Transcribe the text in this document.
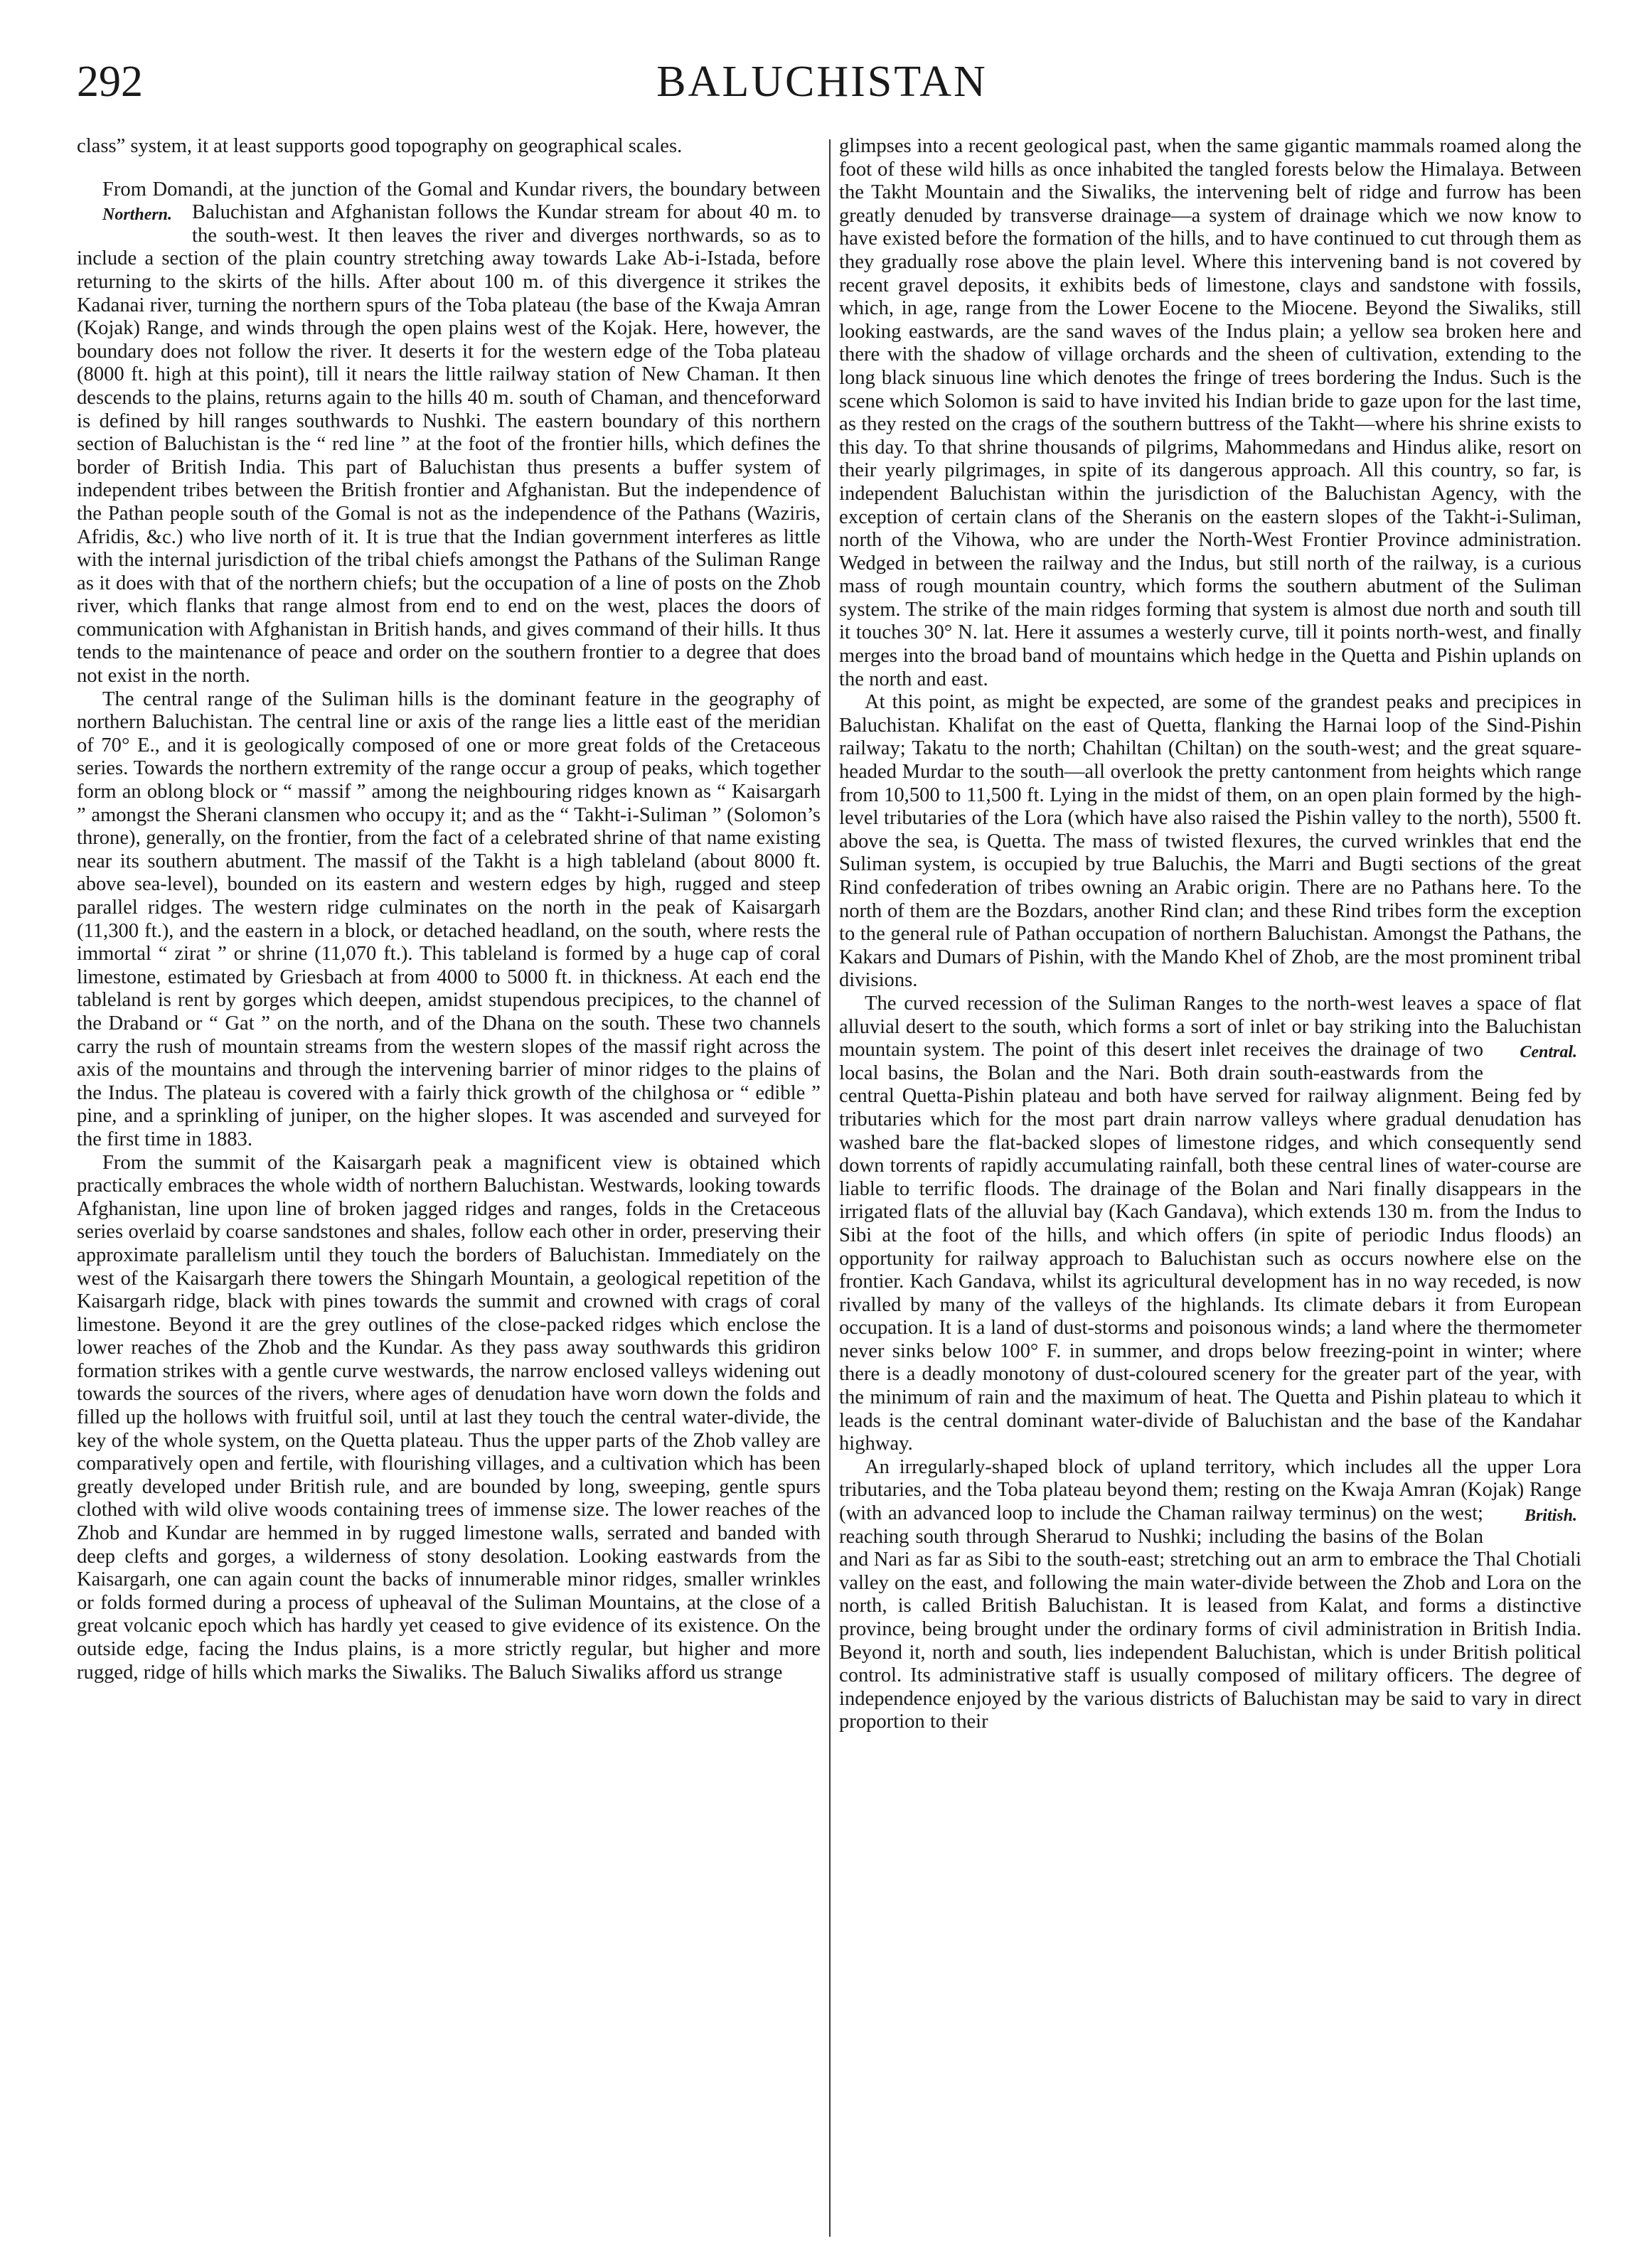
292	BALUCHISTAN

class” system, it at least supports good topography on geographical scales.

From Domandi, at the junction of the Gomal and Kundar rivers, the boundary between Baluchistan and Afghanistan follows the
Northern.	Kundar stream for about 40 m. to the south-west. It then leaves the river and diverges northwards, so as to include a section of the plain country stretching away towards Lake Ab-i-Istada, before returning to the skirts of the hills. After about 100 m. of this divergence it strikes the Kadanai river, turning the northern spurs of the Toba plateau (the base of the Kwaja Amran (Kojak) Range, and winds through the open plains west of the Kojak. Here, however, the boundary does not follow the river. It deserts it for the western edge of the Toba plateau (8000 ft. high at this point), till it nears the little railway station of New Chaman. It then descends to the plains, returns again to the hills 40 m. south of Chaman, and thenceforward is defined by hill ranges southwards to Nushki. The eastern boundary of this northern section of Baluchistan is the “ red line ” at the foot of the frontier hills, which defines the border of British India. This part of Baluchistan thus presents a buffer system of independent tribes between the British frontier and Afghanistan. But the independence of the Pathan people south of the Gomal is not as the independence of the Pathans (Waziris, Afridis, &c.) who live north of it. It is true that the Indian government interferes as little with the internal jurisdiction of the tribal chiefs amongst the Pathans of the Suliman Range as it does with that of the northern chiefs; but the occupation of a line of posts on the Zhob river, which flanks that range almost from end to end on the west, places the doors of communication with Afghanistan in British hands, and gives command of their hills. It thus tends to the maintenance of peace and order on the southern frontier to a degree that does not exist in the north.

The central range of the Suliman hills is the dominant feature in the geography of northern Baluchistan. The central line or axis of the range lies a little east of the meridian of 70° E., and it is geologically composed of one or more great folds of the Cretaceous series. Towards the northern extremity of the range occur a group of peaks, which together form an oblong block or “ massif ” among the neighbouring ridges known as “ Kaisargarh ” amongst the Sherani clansmen who occupy it; and as the “ Takht-i-Suliman ” (Solomon’s throne), generally, on the frontier, from the fact of a celebrated shrine of that name existing near its southern abutment. The massif of the Takht is a high tableland (about 8000 ft. above sea-level), bounded on its eastern and western edges by high, rugged and steep parallel ridges. The western ridge culminates on the north in the peak of Kaisargarh (11,300 ft.), and the eastern in a block, or detached headland, on the south, where rests the immortal “ zirat ” or shrine (11,070 ft.). This tableland is formed by a huge cap of coral limestone, estimated by Griesbach at from 4000 to 5000 ft. in thickness. At each end the tableland is rent by gorges which deepen, amidst stupendous precipices, to the channel of the Draband or “ Gat ” on the north, and of the Dhana on the south. These two channels carry the rush of mountain streams from the western slopes of the massif right across the axis of the mountains and through the intervening barrier of minor ridges to the plains of the Indus. The plateau is covered with a fairly thick growth of the chilghosa or “ edible ” pine, and a sprinkling of juniper, on the higher slopes. It was ascended and surveyed for the first time in 1883.

From the summit of the Kaisargarh peak a magnificent view is obtained which practically embraces the whole width of northern Baluchistan. Westwards, looking towards Afghanistan, line upon line of broken jagged ridges and ranges, folds in the Cretaceous series overlaid by coarse sandstones and shales, follow each other in order, preserving their approximate parallelism until they touch the borders of Baluchistan. Immediately on the west of the Kaisargarh there towers the Shingarh Mountain, a geological repetition of the Kaisargarh ridge, black with pines towards the summit and crowned with crags of coral limestone. Beyond it are the grey outlines of the close-packed ridges which enclose the lower reaches of the Zhob and the Kundar. As they pass away southwards this gridiron formation strikes with a gentle curve westwards, the narrow enclosed valleys widening out towards the sources of the rivers, where ages of denudation have worn down the folds and filled up the hollows with fruitful soil, until at last they touch the central water-divide, the key of the whole system, on the Quetta plateau. Thus the upper parts of the Zhob valley are comparatively open and fertile, with flourishing villages, and a cultivation which has been greatly developed under British rule, and are bounded by long, sweeping, gentle spurs clothed with wild olive woods containing trees of immense size. The lower reaches of the Zhob and Kundar are hemmed in by rugged limestone walls, serrated and banded with deep clefts and gorges, a wilderness of stony desolation. Looking eastwards from the Kaisargarh, one can again count the backs of innumerable minor ridges, smaller wrinkles or folds formed during a process of upheaval of the Suliman Mountains, at the close of a great volcanic epoch which has hardly yet ceased to give evidence of its existence. On the outside edge, facing the Indus plains, is a more strictly regular, but higher and more rugged, ridge of hills which marks the Siwaliks. The Baluch Siwaliks afford us strange

glimpses into a recent geological past, when the same gigantic mammals roamed along the foot of these wild hills as once inhabited the tangled forests below the Himalaya. Between the Takht Mountain and the Siwaliks, the intervening belt of ridge and furrow has been greatly denuded by transverse drainage—a system of drainage which we now know to have existed before the formation of the hills, and to have continued to cut through them as they gradually rose above the plain level. Where this intervening band is not covered by recent gravel deposits, it exhibits beds of limestone, clays and sandstone with fossils, which, in age, range from the Lower Eocene to the Miocene. Beyond the Siwaliks, still looking eastwards, are the sand waves of the Indus plain; a yellow sea broken here and there with the shadow of village orchards and the sheen of cultivation, extending to the long black sinuous line which denotes the fringe of trees bordering the Indus. Such is the scene which Solomon is said to have invited his Indian bride to gaze upon for the last time, as they rested on the crags of the southern buttress of the Takht—where his shrine exists to this day. To that shrine thousands of pilgrims, Mahommedans and Hindus alike, resort on their yearly pilgrimages, in spite of its dangerous approach. All this country, so far, is independent Baluchistan within the jurisdiction of the Baluchistan Agency, with the exception of certain clans of the Sheranis on the eastern slopes of the Takht-i-Suliman, north of the Vihowa, who are under the North-West Frontier Province administration. Wedged in between the railway and the Indus, but still north of the railway, is a curious mass of rough mountain country, which forms the southern abutment of the Suliman system. The strike of the main ridges forming that system is almost due north and south till it touches 30° N. lat. Here it assumes a westerly curve, till it points north-west, and finally merges into the broad band of mountains which hedge in the Quetta and Pishin uplands on the north and east.

At this point, as might be expected, are some of the grandest peaks and precipices in Baluchistan. Khalifat on the east of Quetta, flanking the Harnai loop of the Sind-Pishin railway; Takatu to the north; Chahiltan (Chiltan) on the south-west; and the great square-headed Murdar to the south—all overlook the pretty cantonment from heights which range from 10,500 to 11,500 ft. Lying in the midst of them, on an open plain formed by the high-level tributaries of the Lora (which have also raised the Pishin valley to the north), 5500 ft. above the sea, is Quetta. The mass of twisted flexures, the curved wrinkles that end the Suliman system, is occupied by true Baluchis, the Marri and Bugti sections of the great Rind confederation of tribes owning an Arabic origin. There are no Pathans here. To the north of them are the Bozdars, another Rind clan; and these Rind tribes form the exception to the general rule of Pathan occupation of northern Baluchistan. Amongst the Pathans, the Kakars and Dumars of Pishin, with the Mando Khel of Zhob, are the most prominent tribal divisions.

The curved recession of the Suliman Ranges to the north-west leaves a space of flat alluvial desert to the south, which forms a sort of inlet or bay striking into the Baluchistan mountain	Central.
system. The point of this desert inlet receives the drainage of two local basins, the Bolan and the Nari. Both drain south-eastwards from the central Quetta-Pishin plateau and both have served for railway alignment. Being fed by tributaries which for the most part drain narrow valleys where gradual denudation has washed bare the flat-backed slopes of limestone ridges, and which consequently send down torrents of rapidly accumulating rainfall, both these central lines of water-course are liable to terrific floods. The drainage of the Bolan and Nari finally disappears in the irrigated flats of the alluvial bay (Kach Gandava), which extends 130 m. from the Indus to Sibi at the foot of the hills, and which offers (in spite of periodic Indus floods) an opportunity for railway approach to Baluchistan such as occurs nowhere else on the frontier. Kach Gandava, whilst its agricultural development has in no way receded, is now rivalled by many of the valleys of the highlands. Its climate debars it from European occupation. It is a land of dust-storms and poisonous winds; a land where the thermometer never sinks below 100° F. in summer, and drops below freezing-point in winter; where there is a deadly monotony of dust-coloured scenery for the greater part of the year, with the minimum of rain and the maximum of heat. The Quetta and Pishin plateau to which it leads is the central dominant water-divide of Baluchistan and the base of the Kandahar highway.

An irregularly-shaped block of upland territory, which includes all the upper Lora tributaries, and the Toba plateau beyond them; resting on the Kwaja Amran (Kojak) Range (with an	British.
advanced loop to include the Chaman railway terminus) on the west; reaching south through Sherarud to Nushki; including the basins of the Bolan and Nari as far as Sibi to the south-east; stretching out an arm to embrace the Thal Chotiali valley on the east, and following the main water-divide between the Zhob and Lora on the north, is called British Baluchistan. It is leased from Kalat, and forms a distinctive province, being brought under the ordinary forms of civil administration in British India. Beyond it, north and south, lies independent Baluchistan, which is under British political control. Its administrative staff is usually composed of military officers. The degree of independence enjoyed by the various districts of Baluchistan may be said to vary in direct proportion to their
